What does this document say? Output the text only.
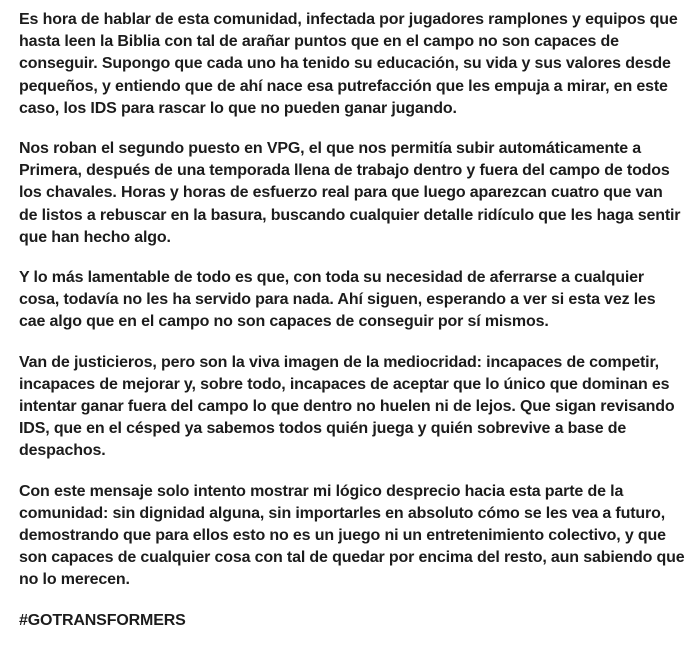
Es hora de hablar de esta comunidad, infectada por jugadores ramplones y equipos que hasta leen la Biblia con tal de arañar puntos que en el campo no son capaces de conseguir. Supongo que cada uno ha tenido su educación, su vida y sus valores desde pequeños, y entiendo que de ahí nace esa putrefacción que les empuja a mirar, en este caso, los IDS para rascar lo que no pueden ganar jugando.

Nos roban el segundo puesto en VPG, el que nos permitía subir automáticamente a Primera, después de una temporada llena de trabajo dentro y fuera del campo de todos los chavales. Horas y horas de esfuerzo real para que luego aparezcan cuatro que van de listos a rebuscar en la basura, buscando cualquier detalle ridículo que les haga sentir que han hecho algo.

Y lo más lamentable de todo es que, con toda su necesidad de aferrarse a cualquier cosa, todavía no les ha servido para nada. Ahí siguen, esperando a ver si esta vez les cae algo que en el campo no son capaces de conseguir por sí mismos.

Van de justicieros, pero son la viva imagen de la mediocridad: incapaces de competir, incapaces de mejorar y, sobre todo, incapaces de aceptar que lo único que dominan es intentar ganar fuera del campo lo que dentro no huelen ni de lejos. Que sigan revisando IDS, que en el césped ya sabemos todos quién juega y quién sobrevive a base de despachos.

Con este mensaje solo intento mostrar mi lógico desprecio hacia esta parte de la comunidad: sin dignidad alguna, sin importarles en absoluto cómo se les vea a futuro, demostrando que para ellos esto no es un juego ni un entretenimiento colectivo, y que son capaces de cualquier cosa con tal de quedar por encima del resto, aun sabiendo que no lo merecen.

#GOTRANSFORMERS
